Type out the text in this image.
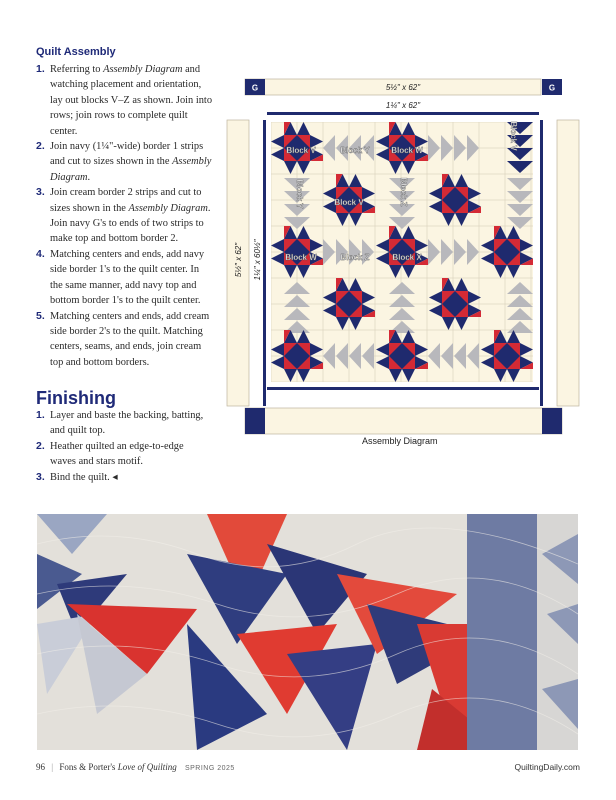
Quilt Assembly
1. Referring to Assembly Diagram and watching placement and orientation, lay out blocks V–Z as shown. Join into rows; join rows to complete quilt center.
2. Join navy (1¼"-wide) border 1 strips and cut to sizes shown in the Assembly Diagram.
3. Join cream border 2 strips and cut to sizes shown in the Assembly Diagram. Join navy G's to ends of two strips to make top and bottom border 2.
4. Matching centers and ends, add navy side border 1's to the quilt center. In the same manner, add navy top and bottom border 1's to the quilt center.
5. Matching centers and ends, add cream side border 2's to the quilt. Matching centers, seams, and ends, join cream top and bottom borders.
Finishing
1. Layer and baste the backing, batting, and quilt top.
2. Heather quilted an edge-to-edge waves and stars motif.
3. Bind the quilt. ◂
G	G
5½" x 62"
1¼" x 62"
5½" x 62" 1¼" x 60½"
Block V	Block Y	Block W	Block V
Block Y	Block V	Block Z
Block W	Block Z	Block X
Assembly Diagram
96 | Fons & Porter's Love of Quilting SPRING 2025	QuiltingDaily.com
